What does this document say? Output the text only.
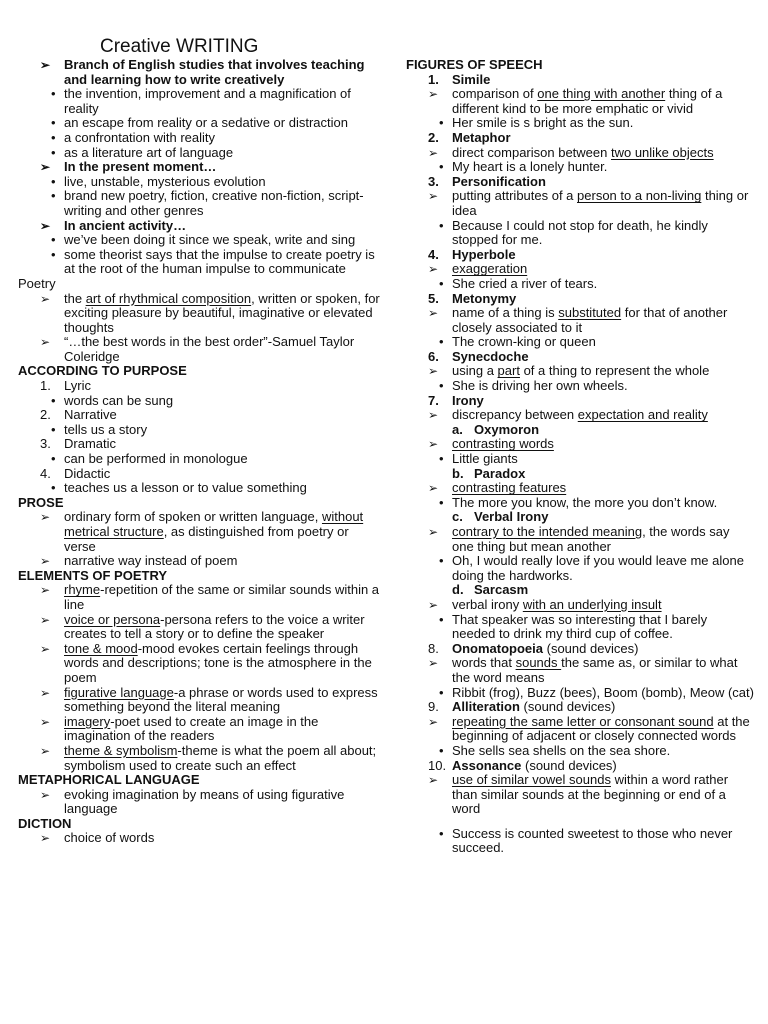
Creative WRITING
➢ Branch of English studies that involves teaching and learning how to write creatively
• the invention, improvement and a magnification of reality
• an escape from reality or a sedative or distraction
• a confrontation with reality
• as a literature art of language
➢ In the present moment…
• live, unstable, mysterious evolution
• brand new poetry, fiction, creative non-fiction, script-writing and other genres
➢ In ancient activity…
• we’ve been doing it since we speak, write and sing
• some theorist says that the impulse to create poetry is at the root of the human impulse to communicate
Poetry
➢ the art of rhythmical composition, written or spoken, for exciting pleasure by beautiful, imaginative or elevated thoughts
➢ “…the best words in the best order”-Samuel Taylor Coleridge
ACCORDING TO PURPOSE
1. Lyric
• words can be sung
2. Narrative
• tells us a story
3. Dramatic
• can be performed in monologue
4. Didactic
• teaches us a lesson or to value something
PROSE
➢ ordinary form of spoken or written language, without metrical structure, as distinguished from poetry or verse
➢ narrative way instead of poem
ELEMENTS OF POETRY
➢ rhyme-repetition of the same or similar sounds within a line
➢ voice or persona-persona refers to the voice a writer creates to tell a story or to define the speaker
➢ tone & mood-mood evokes certain feelings through words and descriptions; tone is the atmosphere in the poem
➢ figurative language-a phrase or words used to express something beyond the literal meaning
➢ imagery-poet used to create an image in the imagination of the readers
➢ theme & symbolism-theme is what the poem all about; symbolism used to create such an effect
METAPHORICAL LANGUAGE
➢ evoking imagination by means of using figurative language
DICTION
➢ choice of words
FIGURES OF SPEECH
1. Simile
➢ comparison of one thing with another thing of a different kind to be more emphatic or vivid
• Her smile is s bright as the sun.
2. Metaphor
➢ direct comparison between two unlike objects
• My heart is a lonely hunter.
3. Personification
➢ putting attributes of a person to a non-living thing or idea
• Because I could not stop for death, he kindly stopped for me.
4. Hyperbole
➢ exaggeration
• She cried a river of tears.
5. Metonymy
➢ name of a thing is substituted for that of another closely associated to it
• The crown-king or queen
6. Synecdoche
➢ using a part of a thing to represent the whole
• She is driving her own wheels.
7. Irony
➢ discrepancy between expectation and reality
a. Oxymoron
➢ contrasting words
• Little giants
b. Paradox
➢ contrasting features
• The more you know, the more you don’t know.
c. Verbal Irony
➢ contrary to the intended meaning, the words say one thing but mean another
• Oh, I would really love if you would leave me alone doing the hardworks.
d. Sarcasm
➢ verbal irony with an underlying insult
• That speaker was so interesting that I barely needed to drink my third cup of coffee.
8. Onomatopoeia (sound devices)
➢ words that sounds the same as, or similar to what the word means
• Ribbit (frog), Buzz (bees), Boom (bomb), Meow (cat)
9. Alliteration (sound devices)
➢ repeating the same letter or consonant sound at the beginning of adjacent or closely connected words
• She sells sea shells on the sea shore.
10. Assonance (sound devices)
➢ use of similar vowel sounds within a word rather than similar sounds at the beginning or end of a word
• Success is counted sweetest to those who never succeed.
